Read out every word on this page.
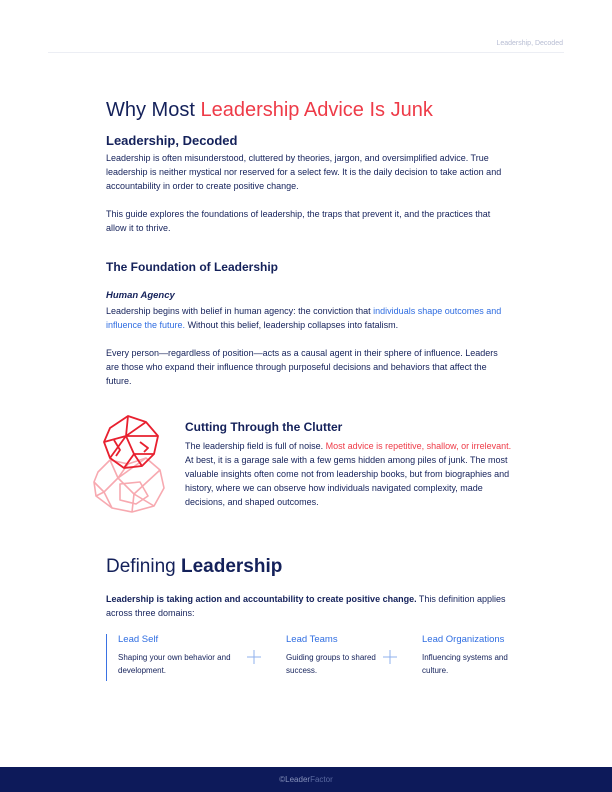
Leadership, Decoded
Why Most Leadership Advice Is Junk
Leadership, Decoded

Leadership is often misunderstood, cluttered by theories, jargon, and oversimplified advice. True leadership is neither mystical nor reserved for a select few. It is the daily decision to take action and accountability in order to create positive change.

This guide explores the foundations of leadership, the traps that prevent it, and the practices that allow it to thrive.

The Foundation of Leadership
Human Agency

Leadership begins with belief in human agency: the conviction that individuals shape outcomes and influence the future. Without this belief, leadership collapses into fatalism.

Every person—regardless of position—acts as a causal agent in their sphere of influence. Leaders are those who expand their influence through purposeful decisions and behaviors that affect the future.

Cutting Through the Clutter

The leadership field is full of noise. Most advice is repetitive, shallow, or irrelevant. At best, it is a garage sale with a few gems hidden among piles of junk. The most valuable insights often come not from leadership books, but from biographies and history, where we can observe how individuals navigated complexity, made decisions, and shaped outcomes.

Defining Leadership

Leadership is taking action and accountability to create positive change. This definition applies across three domains:

Lead Self
Shaping your own behavior and development.
Lead Teams
Guiding groups to shared success.
Lead Organizations
Influencing systems and culture.
© Leader Factor
